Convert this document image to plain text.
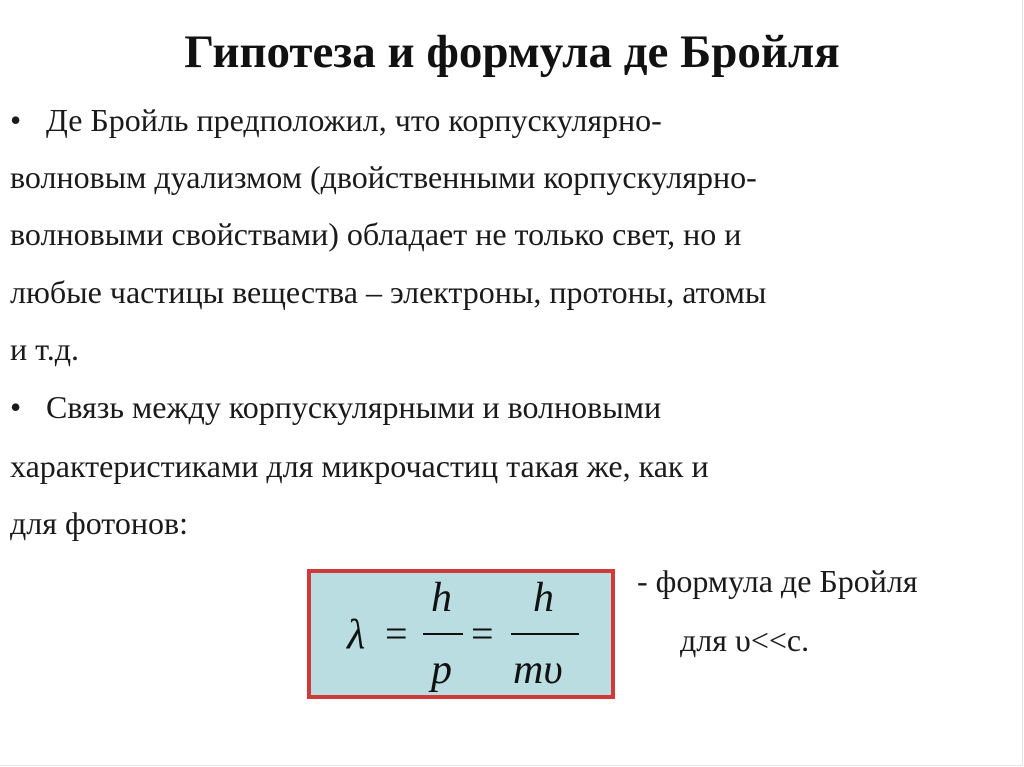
Гипотеза и формула де Бройля
• Де Бройль предположил, что корпускулярно-
волновым дуализмом (двойственными корпускулярно-
волновыми свойствами) обладает не только свет, но и
любые частицы вещества – электроны, протоны, атомы
и т.д.
• Связь между корпускулярными и волновыми
характеристиками для микрочастиц такая же, как и
для фотонов:
λ =
h
p
=
h
mυ
- формула де Бройля
для υ<<с.
